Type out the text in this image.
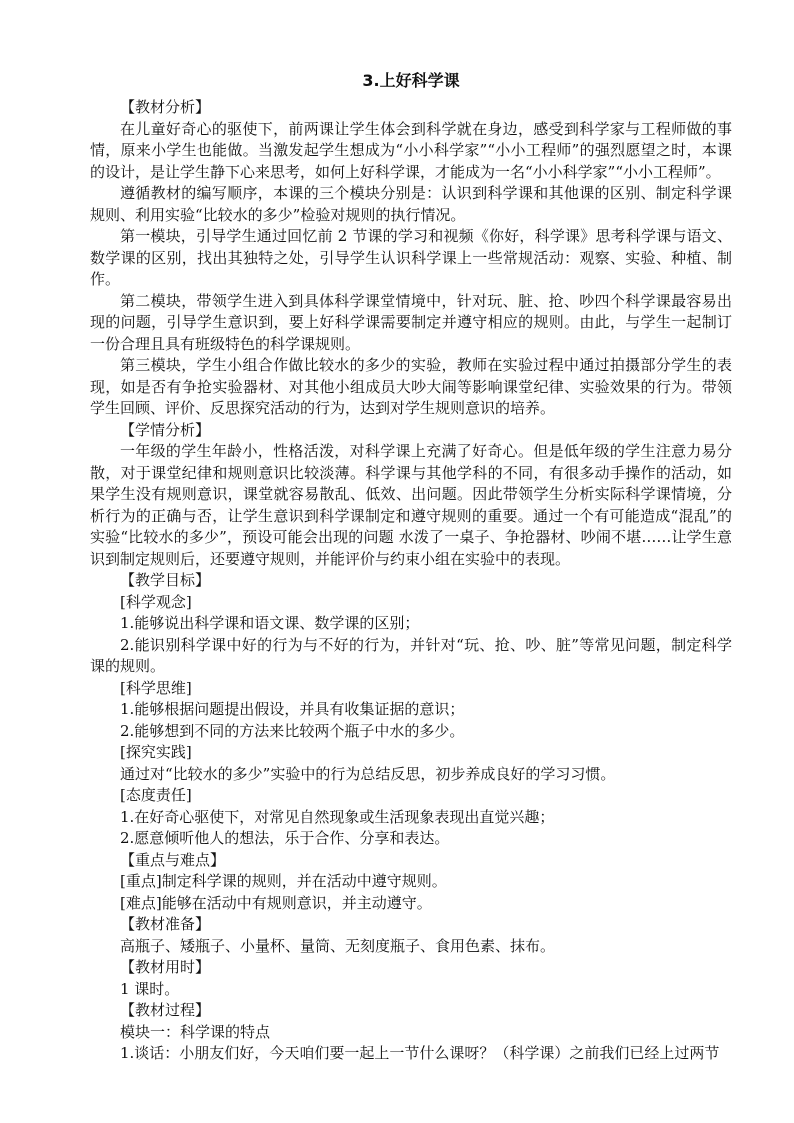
3.上好科学课

【教材分析】

在儿童好奇心的驱使下，前两课让学生体会到科学就在身边，感受到科学家与工程师做的事情，原来小学生也能做。当激发起学生想成为“小小科学家”“小小工程师”的强烈愿望之时，本课的设计，是让学生静下心来思考，如何上好科学课，才能成为一名“小小科学家”“小小工程师”。

遵循教材的编写顺序，本课的三个模块分别是：认识到科学课和其他课的区别、制定科学课规则、利用实验“比较水的多少”检验对规则的执行情况。

第一模块，引导学生通过回忆前 2 节课的学习和视频《你好，科学课》思考科学课与语文、数学课的区别，找出其独特之处，引导学生认识科学课上一些常规活动：观察、实验、种植、制作。

第二模块，带领学生进入到具体科学课堂情境中，针对玩、脏、抢、吵四个科学课最容易出现的问题，引导学生意识到，要上好科学课需要制定并遵守相应的规则。由此，与学生一起制订一份合理且具有班级特色的科学课规则。

第三模块，学生小组合作做比较水的多少的实验，教师在实验过程中通过拍摄部分学生的表现，如是否有争抢实验器材、对其他小组成员大吵大闹等影响课堂纪律、实验效果的行为。带领学生回顾、评价、反思探究活动的行为，达到对学生规则意识的培养。

【学情分析】

一年级的学生年龄小，性格活泼，对科学课上充满了好奇心。但是低年级的学生注意力易分散，对于课堂纪律和规则意识比较淡薄。科学课与其他学科的不同，有很多动手操作的活动，如果学生没有规则意识，课堂就容易散乱、低效、出问题。因此带领学生分析实际科学课情境，分析行为的正确与否，让学生意识到科学课制定和遵守规则的重要。通过一个有可能造成“混乱”的实验“比较水的多少”，预设可能会出现的问题 水泼了一桌子、争抢器材、吵闹不堪……让学生意识到制定规则后，还要遵守规则，并能评价与约束小组在实验中的表现。

【教学目标】

[科学观念]

1.能够说出科学课和语文课、数学课的区别；

2.能识别科学课中好的行为与不好的行为，并针对“玩、抢、吵、脏”等常见问题，制定科学课的规则。

[科学思维]

1.能够根据问题提出假设，并具有收集证据的意识；

2.能够想到不同的方法来比较两个瓶子中水的多少。

[探究实践]

通过对“比较水的多少”实验中的行为总结反思，初步养成良好的学习习惯。

[态度责任]

1.在好奇心驱使下，对常见自然现象或生活现象表现出直觉兴趣；

2.愿意倾听他人的想法，乐于合作、分享和表达。

【重点与难点】

[重点]制定科学课的规则，并在活动中遵守规则。

[难点]能够在活动中有规则意识，并主动遵守。

【教材准备】

高瓶子、矮瓶子、小量杯、量筒、无刻度瓶子、食用色素、抹布。

【教材用时】

1 课时。

【教材过程】

模块一：科学课的特点

1.谈话：小朋友们好，今天咱们要一起上一节什么课呀？（科学课）之前我们已经上过两节
